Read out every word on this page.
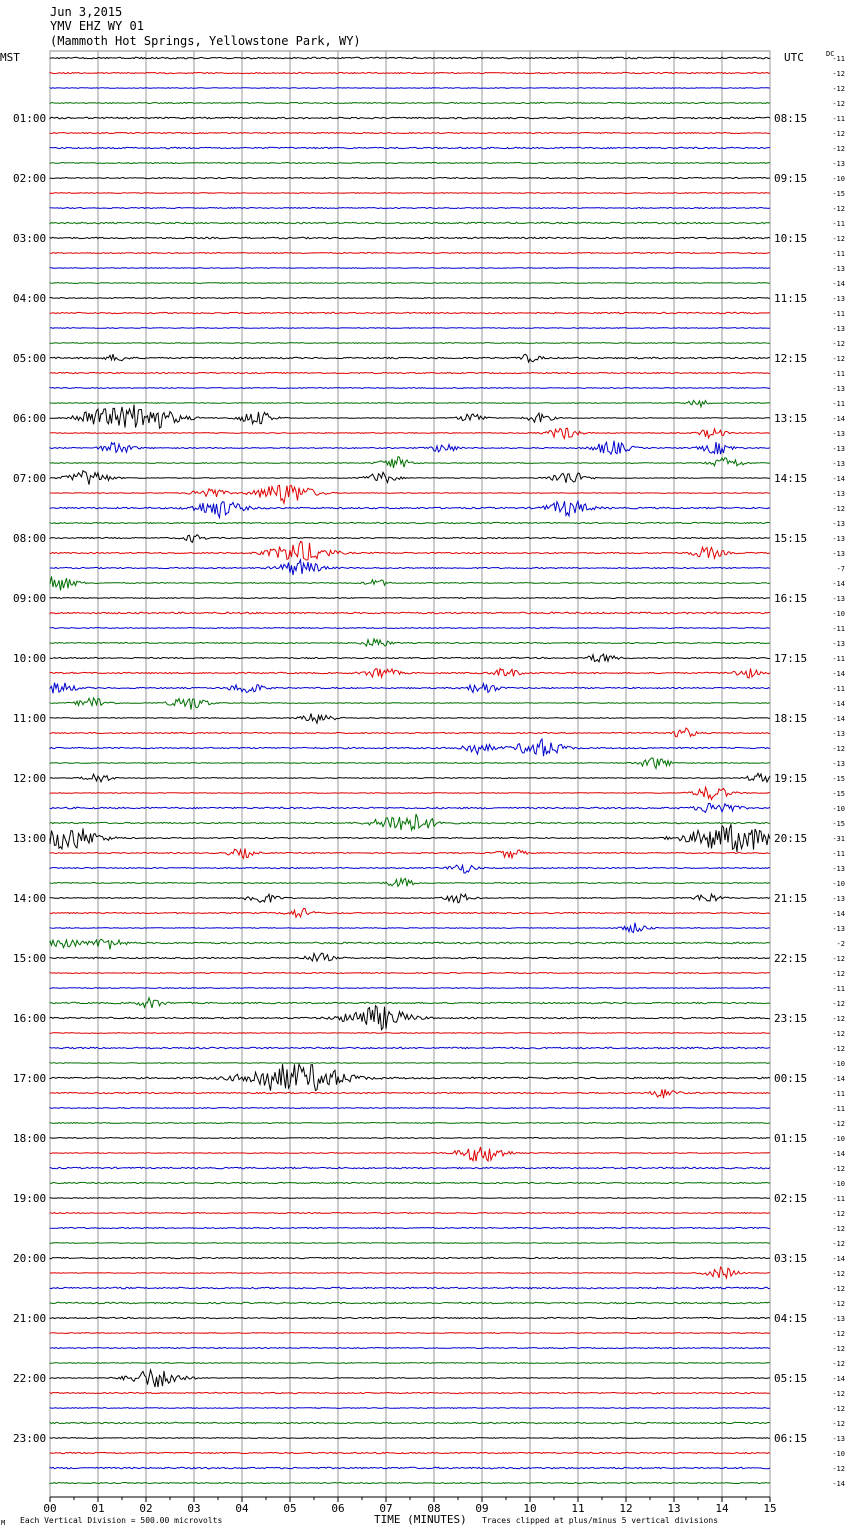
Jun 3,2015
YMV EHZ WY 01
(Mammoth Hot Springs, Yellowstone Park, WY)
MST	UTC	DC
01:00
02:00
03:00
04:00
05:00
06:00
07:00
08:00
09:00
10:00
11:00
12:00
13:00
14:00
15:00
16:00
17:00
18:00
19:00
20:00
21:00
22:00
23:00
08:15
09:15
10:15
11:15
12:15
13:15
14:15
15:15
16:15
17:15
18:15
19:15
20:15
21:15
22:15
23:15
00:15
01:15
02:15
03:15
04:15
05:15
06:15
-11
-12
-12
-12
-11
-12
-12
-13
-10
-15
-12
-11
-12
-11
-13
-14
-13
-11
-13
-12
-12
-11
-13
-11
-14
-13
-13
-13
-14
-13
-12
-13
-13
-13
-7
-14
-13
-10
-11
-13
-11
-14
-11
-14
-14
-13
-12
-13
-15
-15
-10
-15
-31
-11
-13
-10
-13
-14
-13
-2
-12
-12
-11
-12
-12
-12
-12
-10
-14
-11
-11
-12
-10
-14
-12
-10
-11
-12
-12
-12
-14
-12
-12
-12
-13
-12
-12
-12
-14
-12
-12
-12
-13
-10
-12
-14
00	01	02	03	04	05	06	07	08	09	10	11	12	13	14	15
TIME (MINUTES)
M Each Vertical Division = 500.00 microvolts	Traces clipped at plus/minus 5 vertical divisions
